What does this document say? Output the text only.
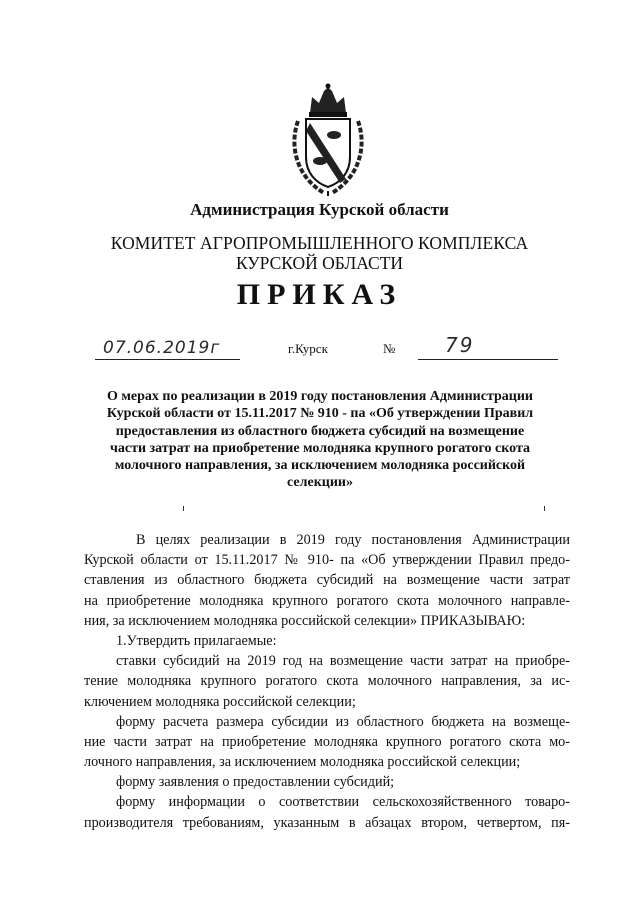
Администрация Курской области
КОМИТЕТ АГРОПРОМЫШЛЕННОГО КОМПЛЕКСА
КУРСКОЙ ОБЛАСТИ
ПРИКАЗ
07.06.2019г	г.Курск	№ 79
О мерах по реализации в 2019 году постановления Администрации
Курской области от 15.11.2017 № 910 - па «Об утверждении Правил
предоставления из областного бюджета субсидий на возмещение
части затрат на приобретение молодняка крупного рогатого скота
молочного направления, за исключением молодняка российской
селекции»
В целях реализации в 2019 году постановления Администрации
Курской области от 15.11.2017 № 910- па «Об утверждении Правил предо-
ставления из областного бюджета субсидий на возмещение части затрат
на приобретение молодняка крупного рогатого скота молочного направле-
ния, за исключением молодняка российской селекции» ПРИКАЗЫВАЮ:
1.Утвердить прилагаемые:
ставки субсидий на 2019 год на возмещение части затрат на приобре-
тение молодняка крупного рогатого скота молочного направления, за ис-
ключением молодняка российской селекции;
форму расчета размера субсидии из областного бюджета на возмеще-
ние части затрат на приобретение молодняка крупного рогатого скота мо-
лочного направления, за исключением молодняка российской селекции;
форму заявления о предоставлении субсидий;
форму информации о соответствии сельскохозяйственного товаро-
производителя требованиям, указанным в абзацах втором, четвертом, пя-
